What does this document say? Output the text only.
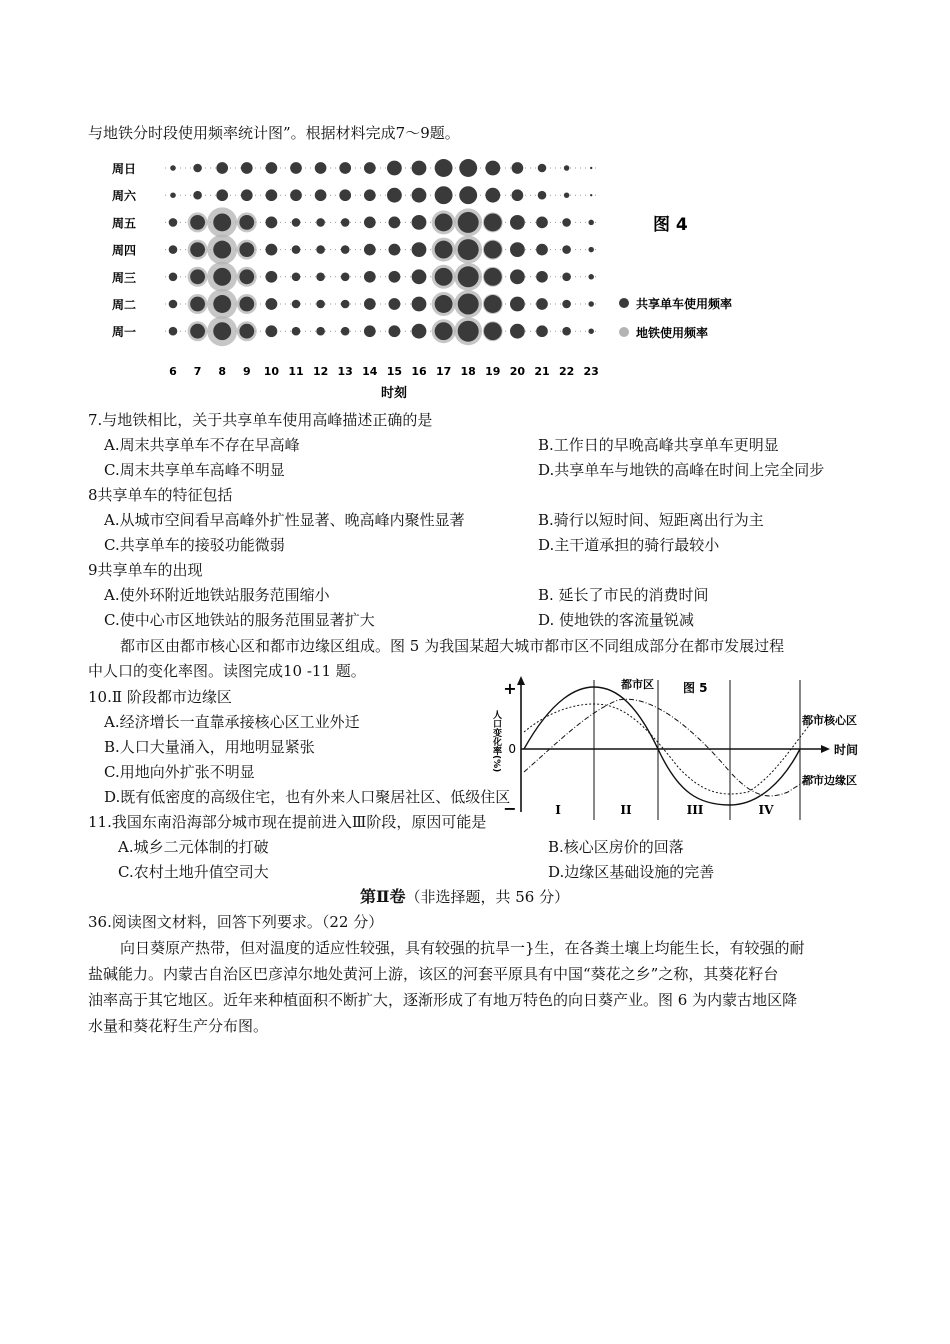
与地铁分时段使用频率统计图”。根据材料完成7～9题。
周日
周六
周五
周四
周三
周二
周一
6 7 8 9 10 11 12 13 14 15 16 17 18 19 20 21 22 23
时刻
图 4
共享单车使用频率
地铁使用频率
7.与地铁相比，关于共享单车使用高峰描述正确的是
A.周末共享单车不存在早高峰	B.工作日的早晚高峰共享单车更明显
C.周末共享单车高峰不明显	D.共享单车与地铁的高峰在时间上完全同步
8共享单车的特征包括
A.从城市空间看早高峰外扩性显著、晚高峰内聚性显著	B.骑行以短时间、短距离出行为主
C.共享单车的接驳功能微弱	D.主干道承担的骑行最较小
9共享单车的出现
A.使外环附近地铁站服务范围缩小	B. 延长了市民的消费时间
C.使中心市区地铁站的服务范围显著扩大	D. 使地铁的客流量锐减
都市区由都市核心区和都市边缘区组成。图 5 为我国某超大城市都市区不同组成部分在都市发展过程
中人口的变化率图。读图完成10 -11 题。
+
−
0
人口变化率(%)	时间
图 5
I	II	III	IV
都市区
都市核心区
都市边缘区
10.Ⅱ 阶段都市边缘区
A.经济增长一直靠承接核心区工业外迁
B.人口大量涌入，用地明显紧张
C.用地向外扩张不明显
D.既有低密度的高级住宅，也有外来人口聚居社区、低级住区
11.我国东南沿海部分城市现在提前进入Ⅲ阶段，原因可能是
A.城乡二元体制的打破	B.核心区房价的回落
C.农村土地升值空司大	D.边缘区基础设施的完善
第Ⅱ卷（非选择题，共 56 分）
36.阅读图文材料，回答下列要求。（22 分）
向日葵原产热带，但对温度的适应性较强，具有较强的抗旱一}生，在各粪土壤上均能生长，有较强的耐
盐碱能力。内蒙古自治区巴彦淖尔地处黄河上游，该区的河套平原具有中国“葵花之乡”之称，其葵花籽台
油率高于其它地区。近年来种植面积不断扩大，逐渐形成了有地万特色的向日葵产业。图 6 为内蒙古地区降
水量和葵花籽生产分布图。
